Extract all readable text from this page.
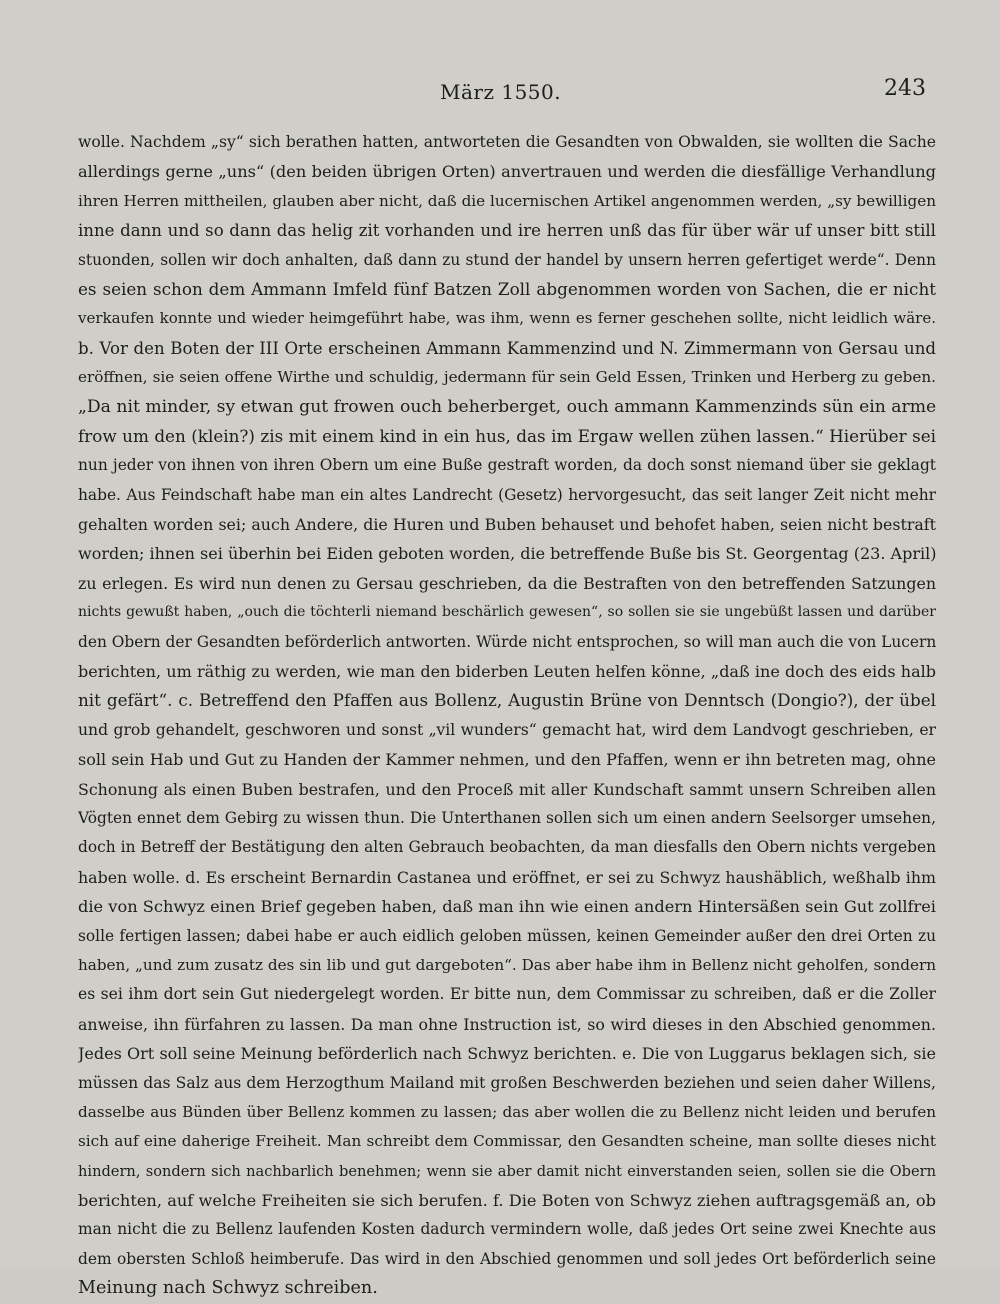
März 1550.	243
wolle. Nachdem „sy“ sich berathen hatten, antworteten die Gesandten von Obwalden, sie wollten die Sache
allerdings gerne „uns“ (den beiden übrigen Orten) anvertrauen und werden die diesfällige Verhandlung
ihren Herren mittheilen, glauben aber nicht, daß die lucernischen Artikel angenommen werden, „sy bewilligen
inne dann und so dann das helig zit vorhanden und ire herren unß das für über wär uf unser bitt still
stuonden, sollen wir doch anhalten, daß dann zu stund der handel by unsern herren gefertiget werde“. Denn
es seien schon dem Ammann Imfeld fünf Batzen Zoll abgenommen worden von Sachen, die er nicht
verkaufen konnte und wieder heimgeführt habe, was ihm, wenn es ferner geschehen sollte, nicht leidlich wäre.
b. Vor den Boten der III Orte erscheinen Ammann Kammenzind und N. Zimmermann von Gersau und
eröffnen, sie seien offene Wirthe und schuldig, jedermann für sein Geld Essen, Trinken und Herberg zu geben.
„Da nit minder, sy etwan gut frowen ouch beherberget, ouch ammann Kammenzinds sün ein arme
frow um den (klein?) zis mit einem kind in ein hus, das im Ergaw wellen zühen lassen.“ Hierüber sei
nun jeder von ihnen von ihren Obern um eine Buße gestraft worden, da doch sonst niemand über sie geklagt
habe. Aus Feindschaft habe man ein altes Landrecht (Gesetz) hervorgesucht, das seit langer Zeit nicht mehr
gehalten worden sei; auch Andere, die Huren und Buben behauset und behofet haben, seien nicht bestraft
worden; ihnen sei überhin bei Eiden geboten worden, die betreffende Buße bis St. Georgentag (23. April)
zu erlegen. Es wird nun denen zu Gersau geschrieben, da die Bestraften von den betreffenden Satzungen
nichts gewußt haben, „ouch die töchterli niemand beschärlich gewesen“, so sollen sie sie ungebüßt lassen und darüber
den Obern der Gesandten beförderlich antworten. Würde nicht entsprochen, so will man auch die von Lucern
berichten, um räthig zu werden, wie man den biderben Leuten helfen könne, „daß ine doch des eids halb
nit gefärt“. c. Betreffend den Pfaffen aus Bollenz, Augustin Brüne von Denntsch (Dongio?), der übel
und grob gehandelt, geschworen und sonst „vil wunders“ gemacht hat, wird dem Landvogt geschrieben, er
soll sein Hab und Gut zu Handen der Kammer nehmen, und den Pfaffen, wenn er ihn betreten mag, ohne
Schonung als einen Buben bestrafen, und den Proceß mit aller Kundschaft sammt unsern Schreiben allen
Vögten ennet dem Gebirg zu wissen thun. Die Unterthanen sollen sich um einen andern Seelsorger umsehen,
doch in Betreff der Bestätigung den alten Gebrauch beobachten, da man diesfalls den Obern nichts vergeben
haben wolle. d. Es erscheint Bernardin Castanea und eröffnet, er sei zu Schwyz haushäblich, weßhalb ihm
die von Schwyz einen Brief gegeben haben, daß man ihn wie einen andern Hintersäßen sein Gut zollfrei
solle fertigen lassen; dabei habe er auch eidlich geloben müssen, keinen Gemeinder außer den drei Orten zu
haben, „und zum zusatz des sin lib und gut dargeboten“. Das aber habe ihm in Bellenz nicht geholfen, sondern
es sei ihm dort sein Gut niedergelegt worden. Er bitte nun, dem Commissar zu schreiben, daß er die Zoller
anweise, ihn fürfahren zu lassen. Da man ohne Instruction ist, so wird dieses in den Abschied genommen.
Jedes Ort soll seine Meinung beförderlich nach Schwyz berichten. e. Die von Luggarus beklagen sich, sie
müssen das Salz aus dem Herzogthum Mailand mit großen Beschwerden beziehen und seien daher Willens,
dasselbe aus Bünden über Bellenz kommen zu lassen; das aber wollen die zu Bellenz nicht leiden und berufen
sich auf eine daherige Freiheit. Man schreibt dem Commissar, den Gesandten scheine, man sollte dieses nicht
hindern, sondern sich nachbarlich benehmen; wenn sie aber damit nicht einverstanden seien, sollen sie die Obern
berichten, auf welche Freiheiten sie sich berufen. f. Die Boten von Schwyz ziehen auftragsgemäß an, ob
man nicht die zu Bellenz laufenden Kosten dadurch vermindern wolle, daß jedes Ort seine zwei Knechte aus
dem obersten Schloß heimberufe. Das wird in den Abschied genommen und soll jedes Ort beförderlich seine
Meinung nach Schwyz schreiben.
